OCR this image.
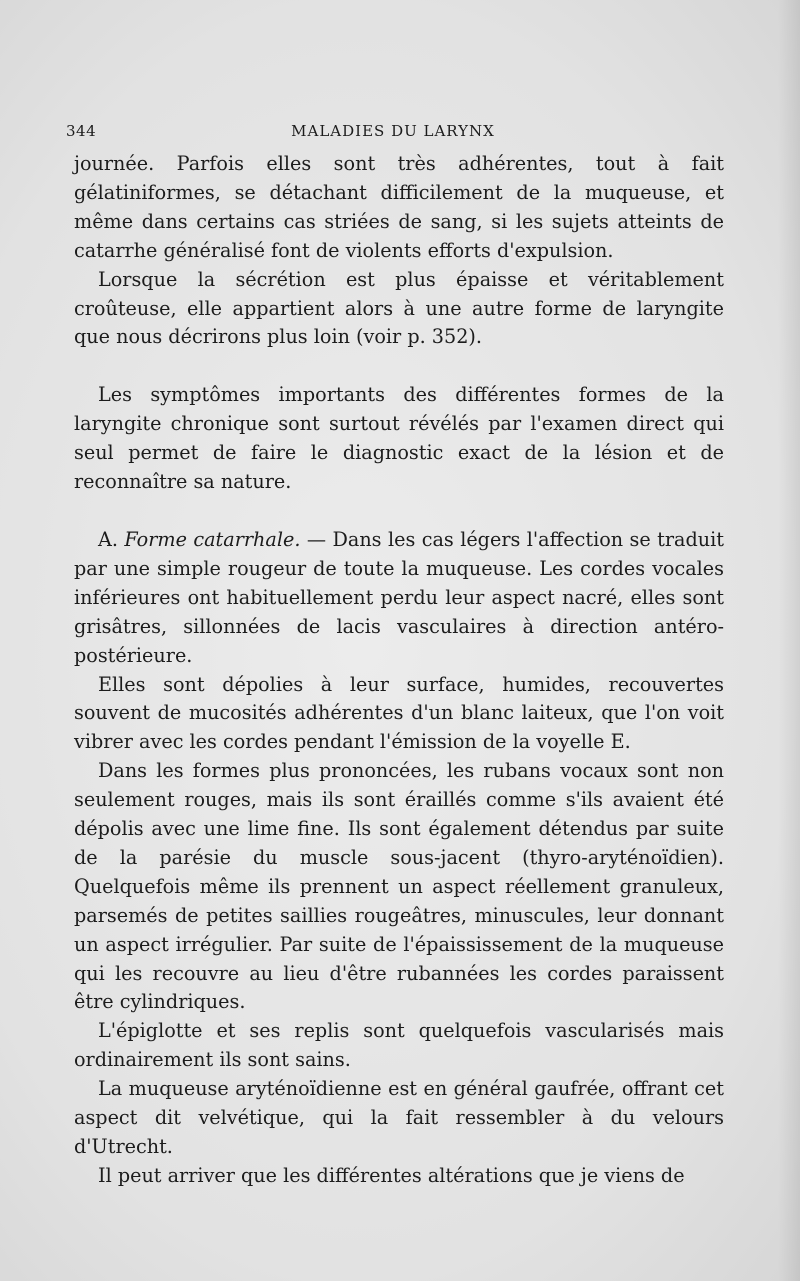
344	MALADIES DU LARYNX

journée. Parfois elles sont très adhérentes, tout à fait gélatiniformes, se détachant difficilement de la muqueuse, et même dans certains cas striées de sang, si les sujets atteints de catarrhe généralisé font de violents efforts d'expulsion.

Lorsque la sécrétion est plus épaisse et véritablement croûteuse, elle appartient alors à une autre forme de laryngite que nous décrirons plus loin (voir p. 352).

Les symptômes importants des différentes formes de la laryngite chronique sont surtout révélés par l'examen direct qui seul permet de faire le diagnostic exact de la lésion et de reconnaître sa nature.

A. Forme catarrhale. — Dans les cas légers l'affection se traduit par une simple rougeur de toute la muqueuse. Les cordes vocales inférieures ont habituellement perdu leur aspect nacré, elles sont grisâtres, sillonnées de lacis vasculaires à direction antéro-postérieure.

Elles sont dépolies à leur surface, humides, recouvertes souvent de mucosités adhérentes d'un blanc laiteux, que l'on voit vibrer avec les cordes pendant l'émission de la voyelle E.

Dans les formes plus prononcées, les rubans vocaux sont non seulement rouges, mais ils sont éraillés comme s'ils avaient été dépolis avec une lime fine. Ils sont également détendus par suite de la parésie du muscle sous-jacent (thyro-aryténoïdien). Quelquefois même ils prennent un aspect réellement granuleux, parsemés de petites saillies rougeâtres, minuscules, leur donnant un aspect irrégulier. Par suite de l'épaississement de la muqueuse qui les recouvre au lieu d'être rubannées les cordes paraissent être cylindriques.

L'épiglotte et ses replis sont quelquefois vascularisés mais ordinairement ils sont sains.

La muqueuse aryténoïdienne est en général gaufrée, offrant cet aspect dit velvétique, qui la fait ressembler à du velours d'Utrecht.

Il peut arriver que les différentes altérations que je viens de
